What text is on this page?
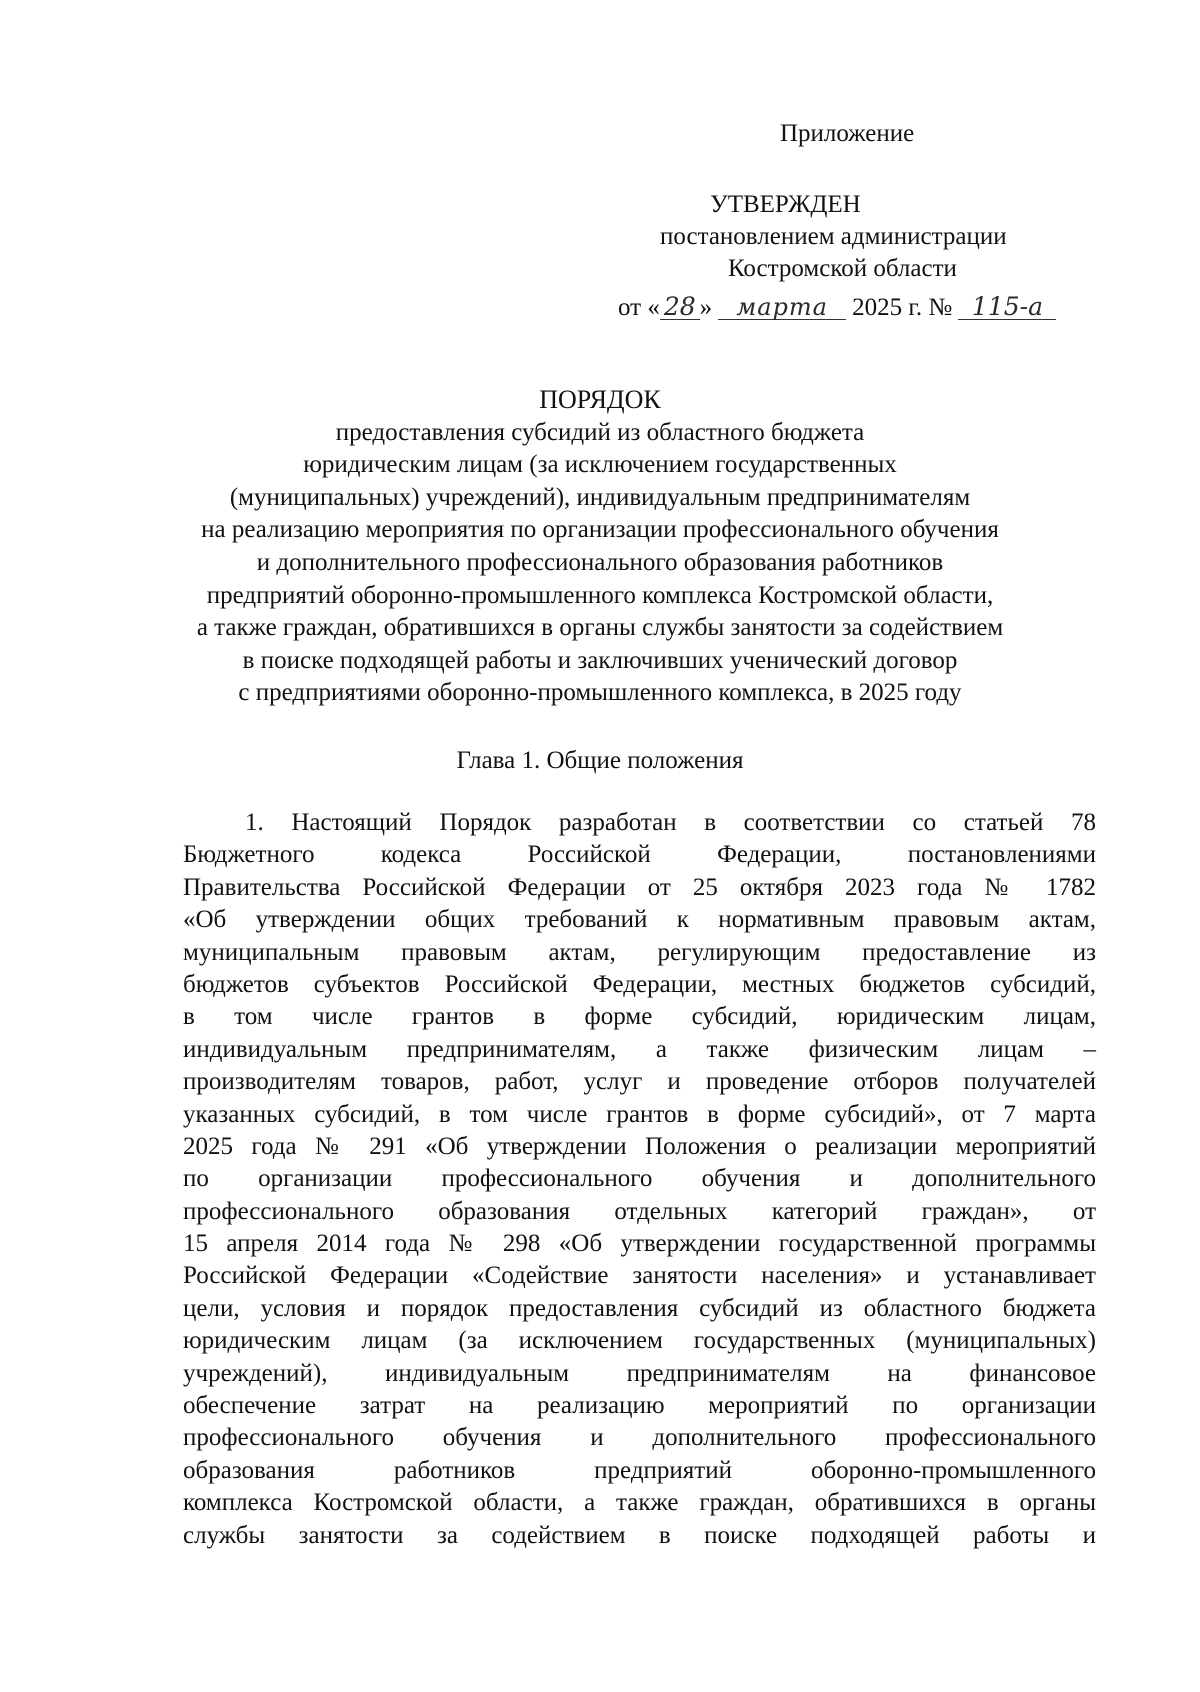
Приложение
УТВЕРЖДЕН
постановлением администрации
Костромской области
от « 28 » марта 2025 г. № 115-а
ПОРЯДОК
предоставления субсидий из областного бюджета
юридическим лицам (за исключением государственных
(муниципальных) учреждений), индивидуальным предпринимателям
на реализацию мероприятия по организации профессионального обучения
и дополнительного профессионального образования работников
предприятий оборонно-промышленного комплекса Костромской области,
а также граждан, обратившихся в органы службы занятости за содействием
в поиске подходящей работы и заключивших ученический договор
с предприятиями оборонно-промышленного комплекса, в 2025 году
Глава 1. Общие положения
1. Настоящий Порядок разработан в соответствии со статьей 78
Бюджетного кодекса Российской Федерации, постановлениями
Правительства Российской Федерации от 25 октября 2023 года № 1782
«Об утверждении общих требований к нормативным правовым актам,
муниципальным правовым актам, регулирующим предоставление из
бюджетов субъектов Российской Федерации, местных бюджетов субсидий,
в том числе грантов в форме субсидий, юридическим лицам,
индивидуальным предпринимателям, а также физическим лицам –
производителям товаров, работ, услуг и проведение отборов получателей
указанных субсидий, в том числе грантов в форме субсидий», от 7 марта
2025 года № 291 «Об утверждении Положения о реализации мероприятий
по организации профессионального обучения и дополнительного
профессионального образования отдельных категорий граждан», от
15 апреля 2014 года № 298 «Об утверждении государственной программы
Российской Федерации «Содействие занятости населения» и устанавливает
цели, условия и порядок предоставления субсидий из областного бюджета
юридическим лицам (за исключением государственных (муниципальных)
учреждений), индивидуальным предпринимателям на финансовое
обеспечение затрат на реализацию мероприятий по организации
профессионального обучения и дополнительного профессионального
образования работников предприятий оборонно-промышленного
комплекса Костромской области, а также граждан, обратившихся в органы
службы занятости за содействием в поиске подходящей работы и
